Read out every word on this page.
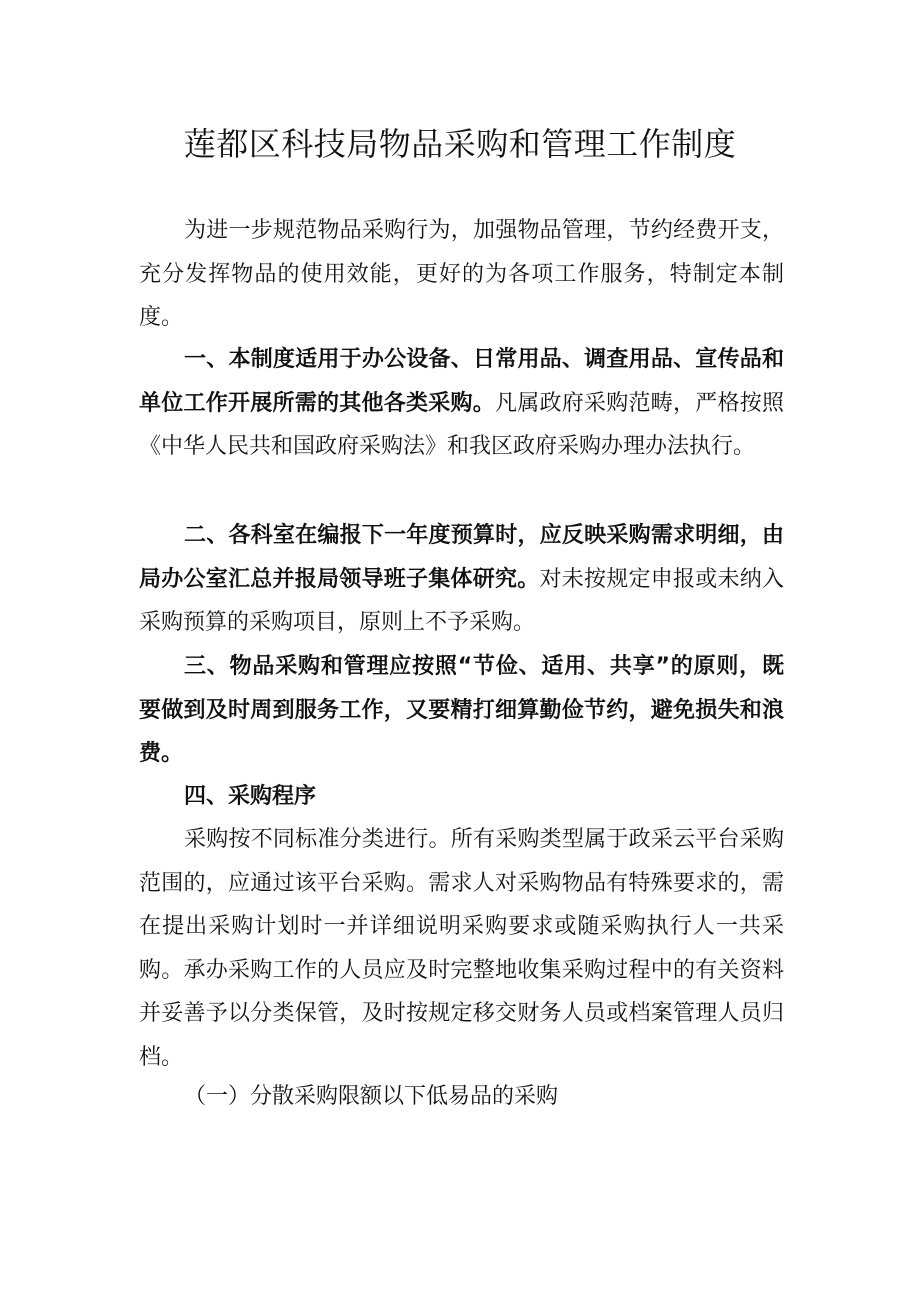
莲都区科技局物品采购和管理工作制度

为进一步规范物品采购行为，加强物品管理，节约经费开支，充分发挥物品的使用效能，更好的为各项工作服务，特制定本制度。

一、本制度适用于办公设备、日常用品、调查用品、宣传品和单位工作开展所需的其他各类采购。凡属政府采购范畴，严格按照《中华人民共和国政府采购法》和我区政府采购办理办法执行。

二、各科室在编报下一年度预算时，应反映采购需求明细，由局办公室汇总并报局领导班子集体研究。对未按规定申报或未纳入采购预算的采购项目，原则上不予采购。

三、物品采购和管理应按照“节俭、适用、共享”的原则，既要做到及时周到服务工作，又要精打细算勤俭节约，避免损失和浪费。

四、采购程序

采购按不同标准分类进行。所有采购类型属于政采云平台采购范围的，应通过该平台采购。需求人对采购物品有特殊要求的，需在提出采购计划时一并详细说明采购要求或随采购执行人一共采购。承办采购工作的人员应及时完整地收集采购过程中的有关资料并妥善予以分类保管，及时按规定移交财务人员或档案管理人员归档。

（一）分散采购限额以下低易品的采购
